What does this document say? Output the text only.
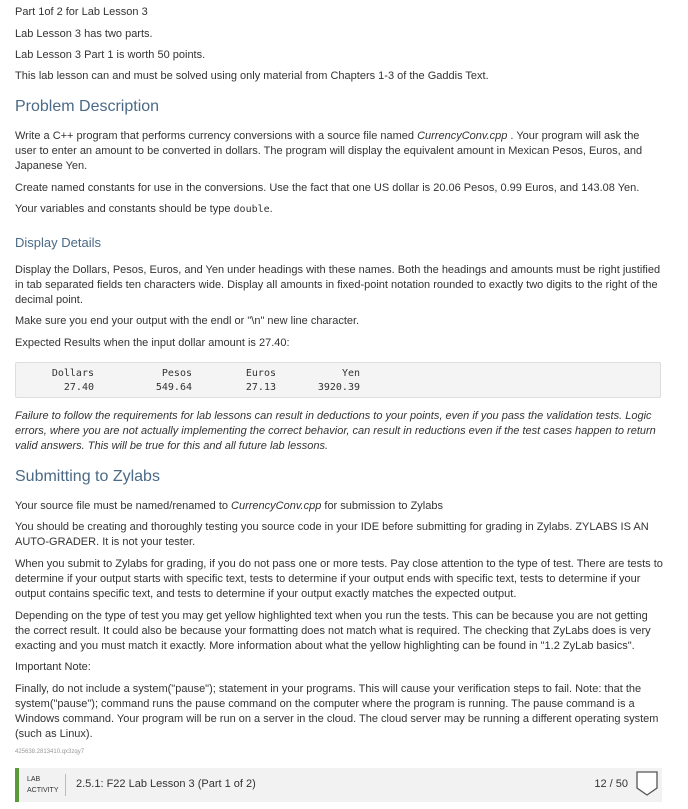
Part 1of 2 for Lab Lesson 3

Lab Lesson 3 has two parts.

Lab Lesson 3 Part 1 is worth 50 points.

This lab lesson can and must be solved using only material from Chapters 1-3 of the Gaddis Text.

Problem Description

Write a C++ program that performs currency conversions with a source file named CurrencyConv.cpp . Your program will ask the user to enter an amount to be converted in dollars. The program will display the equivalent amount in Mexican Pesos, Euros, and Japanese Yen.

Create named constants for use in the conversions. Use the fact that one US dollar is 20.06 Pesos, 0.99 Euros, and 143.08 Yen.

Your variables and constants should be type double.

Display Details

Display the Dollars, Pesos, Euros, and Yen under headings with these names. Both the headings and amounts must be right justified in tab separated fields ten characters wide. Display all amounts in fixed-point notation rounded to exactly two digits to the right of the decimal point.

Make sure you end your output with the endl or "\n" new line character.

Expected Results when the input dollar amount is 27.40:

Dollars	Pesos	Euros	Yen
27.40	549.64	27.13	3920.39

Failure to follow the requirements for lab lessons can result in deductions to your points, even if you pass the validation tests. Logic errors, where you are not actually implementing the correct behavior, can result in reductions even if the test cases happen to return valid answers. This will be true for this and all future lab lessons.

Submitting to Zylabs

Your source file must be named/renamed to CurrencyConv.cpp for submission to Zylabs

You should be creating and thoroughly testing you source code in your IDE before submitting for grading in Zylabs. ZYLABS IS AN AUTO-GRADER. It is not your tester.

When you submit to Zylabs for grading, if you do not pass one or more tests. Pay close attention to the type of test. There are tests to determine if your output starts with specific text, tests to determine if your output ends with specific text, tests to determine if your output contains specific text, and tests to determine if your output exactly matches the expected output.

Depending on the type of test you may get yellow highlighted text when you run the tests. This can be because you are not getting the correct result. It could also be because your formatting does not match what is required. The checking that ZyLabs does is very exacting and you must match it exactly. More information about what the yellow highlighting can be found in "1.2 ZyLab basics".

Important Note:

Finally, do not include a system("pause"); statement in your programs. This will cause your verification steps to fail. Note: that the system("pause"); command runs the pause command on the computer where the program is running. The pause command is a Windows command. Your program will be run on a server in the cloud. The cloud server may be running a different operating system (such as Linux).

425638.2813410.qx3zqy7

LAB
ACTIVITY
2.5.1: F22 Lab Lesson 3 (Part 1 of 2)	12 / 50
